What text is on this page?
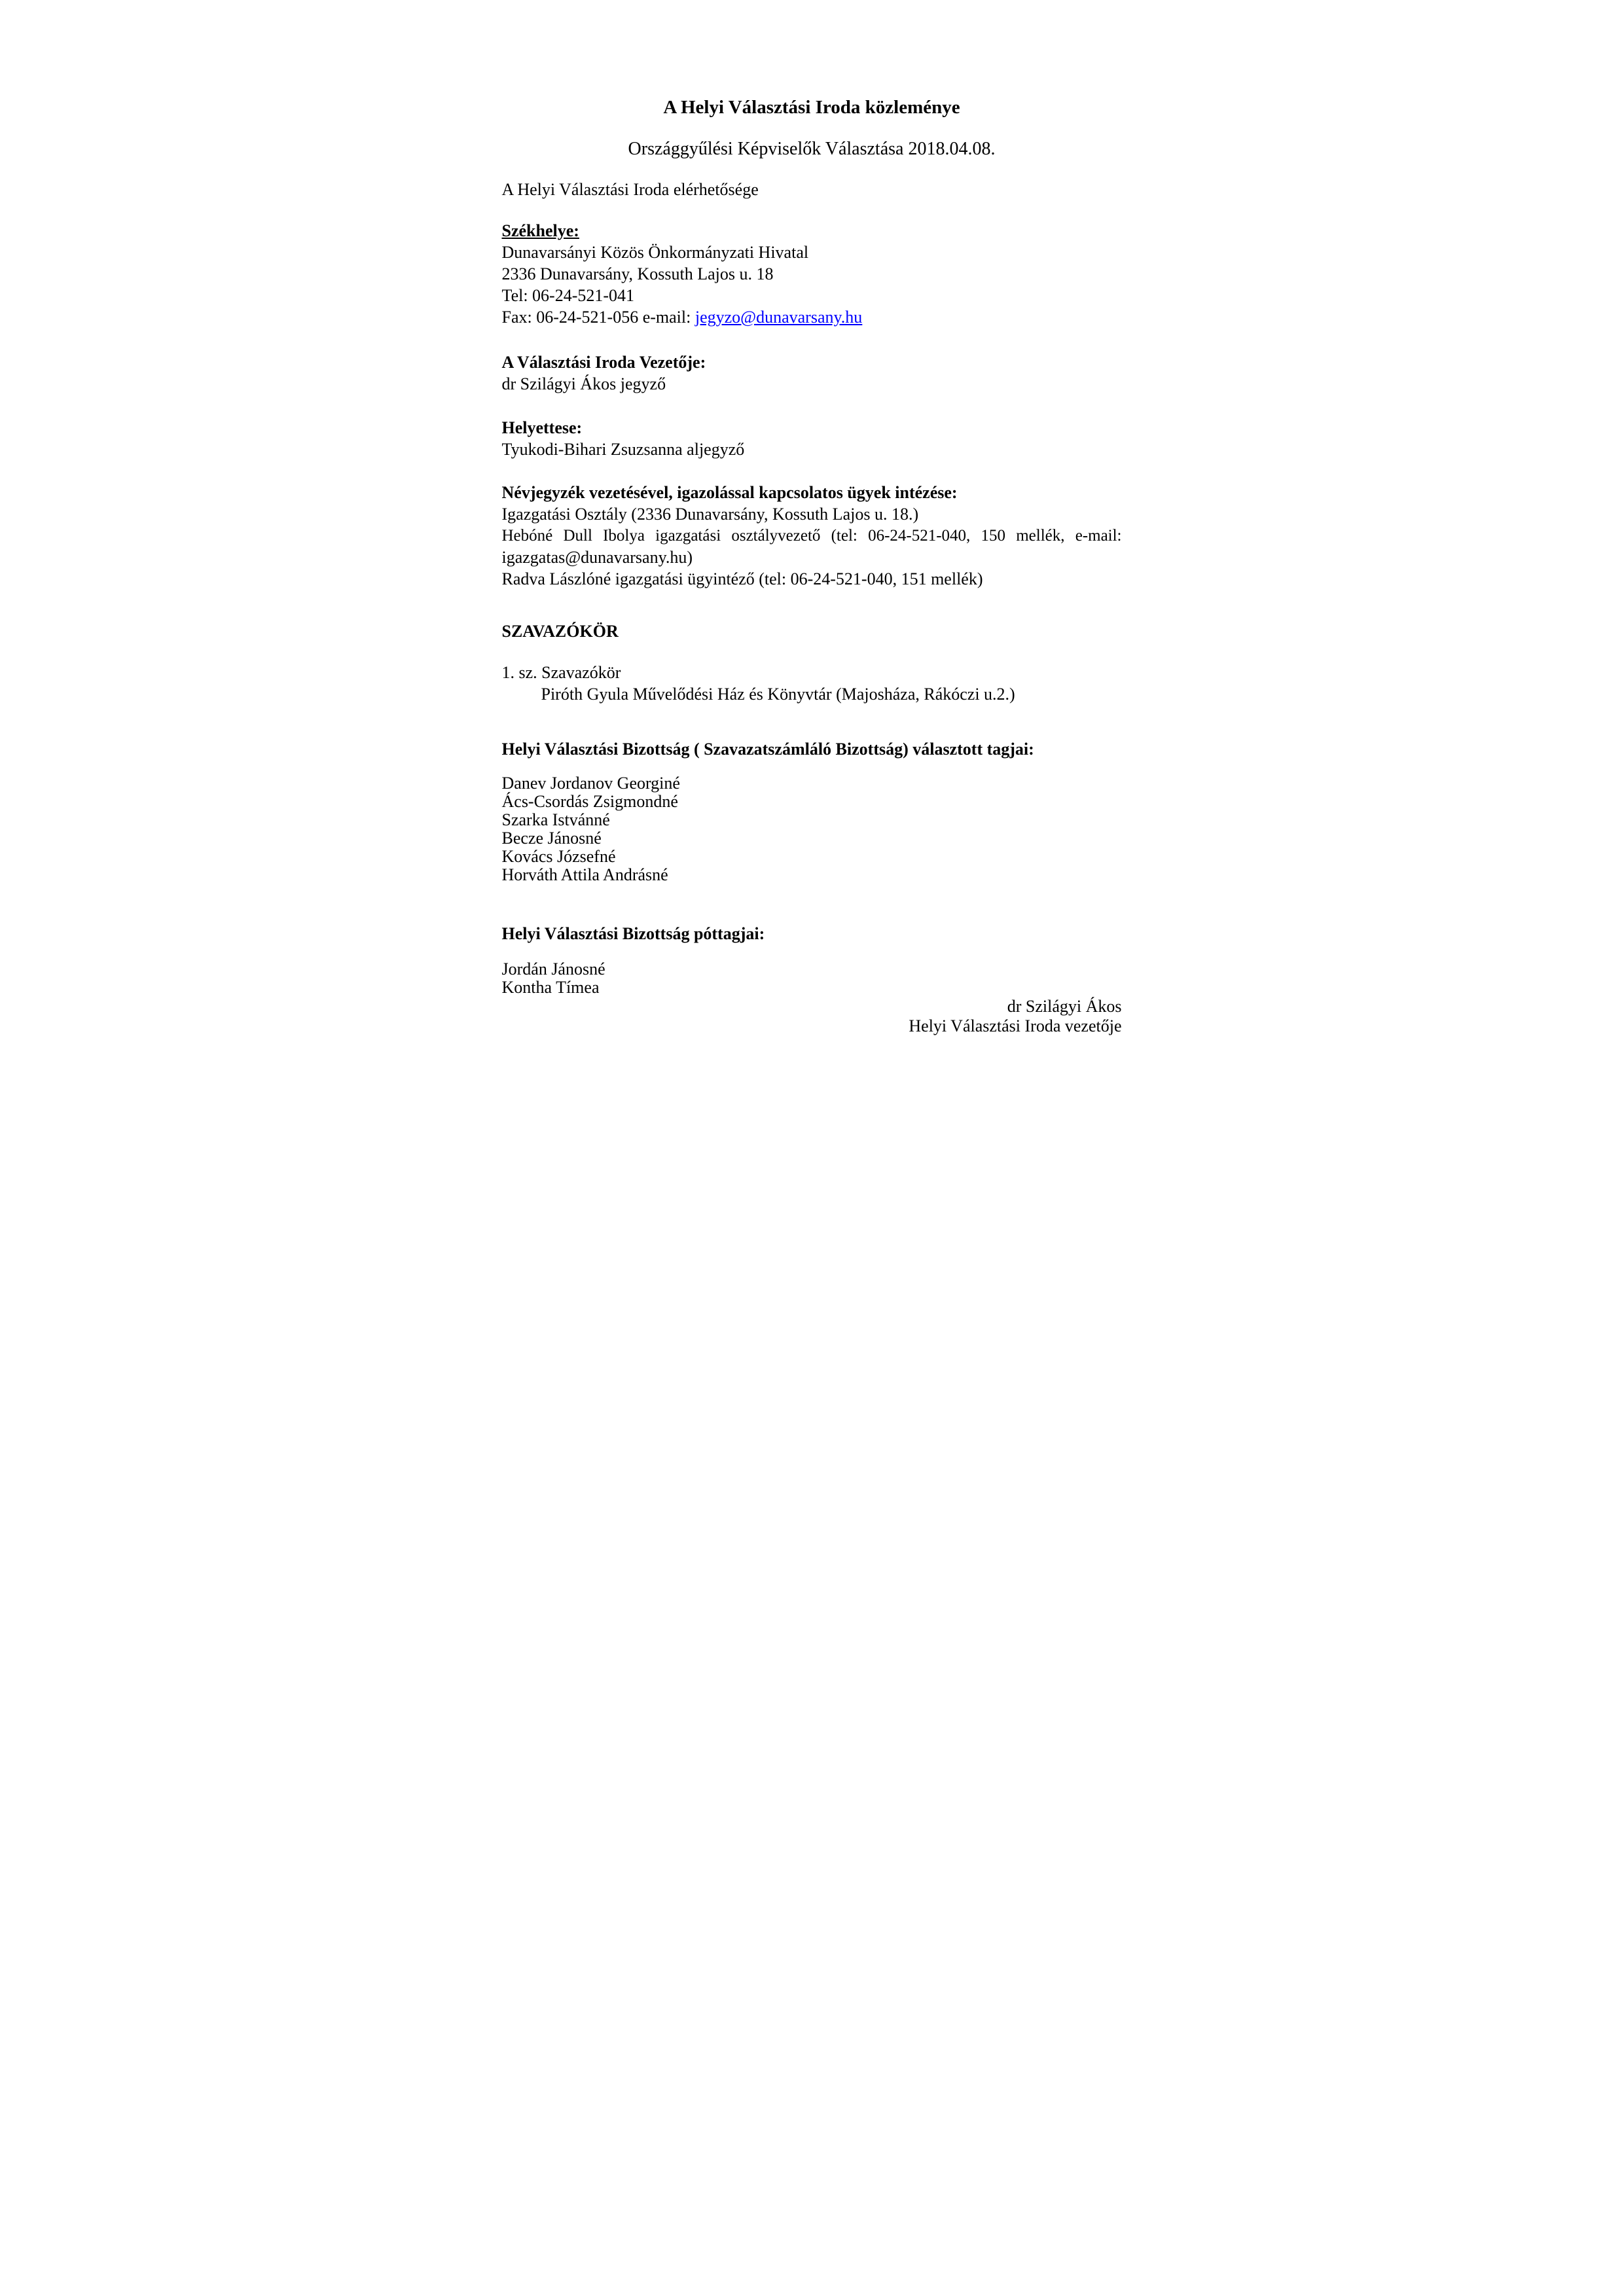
A Helyi Választási Iroda közleménye
Országgyűlési Képviselők Választása 2018.04.08.
A Helyi Választási Iroda elérhetősége
Székhelye:
Dunavarsányi Közös Önkormányzati Hivatal
2336 Dunavarsány, Kossuth Lajos u. 18
Tel: 06-24-521-041
Fax: 06-24-521-056 e-mail: jegyzo@dunavarsany.hu
A Választási Iroda Vezetője:
dr Szilágyi Ákos jegyző
Helyettese:
Tyukodi-Bihari Zsuzsanna aljegyző
Névjegyzék vezetésével, igazolással kapcsolatos ügyek intézése:
Igazgatási Osztály (2336 Dunavarsány, Kossuth Lajos u. 18.)
Hebóné Dull Ibolya igazgatási osztályvezető (tel: 06-24-521-040, 150 mellék, e-mail:
igazgatas@dunavarsany.hu)
Radva Lászlóné igazgatási ügyintéző (tel: 06-24-521-040, 151 mellék)
SZAVAZÓKÖR
1. sz. Szavazókör
Piróth Gyula Művelődési Ház és Könyvtár (Majosháza, Rákóczi u.2.)
Helyi Választási Bizottság ( Szavazatszámláló Bizottság) választott tagjai:
Danev Jordanov Georginé
Ács-Csordás Zsigmondné
Szarka Istvánné
Becze Jánosné
Kovács Józsefné
Horváth Attila Andrásné
Helyi Választási Bizottság póttagjai:
Jordán Jánosné
Kontha Tímea
dr Szilágyi Ákos
Helyi Választási Iroda vezetője
